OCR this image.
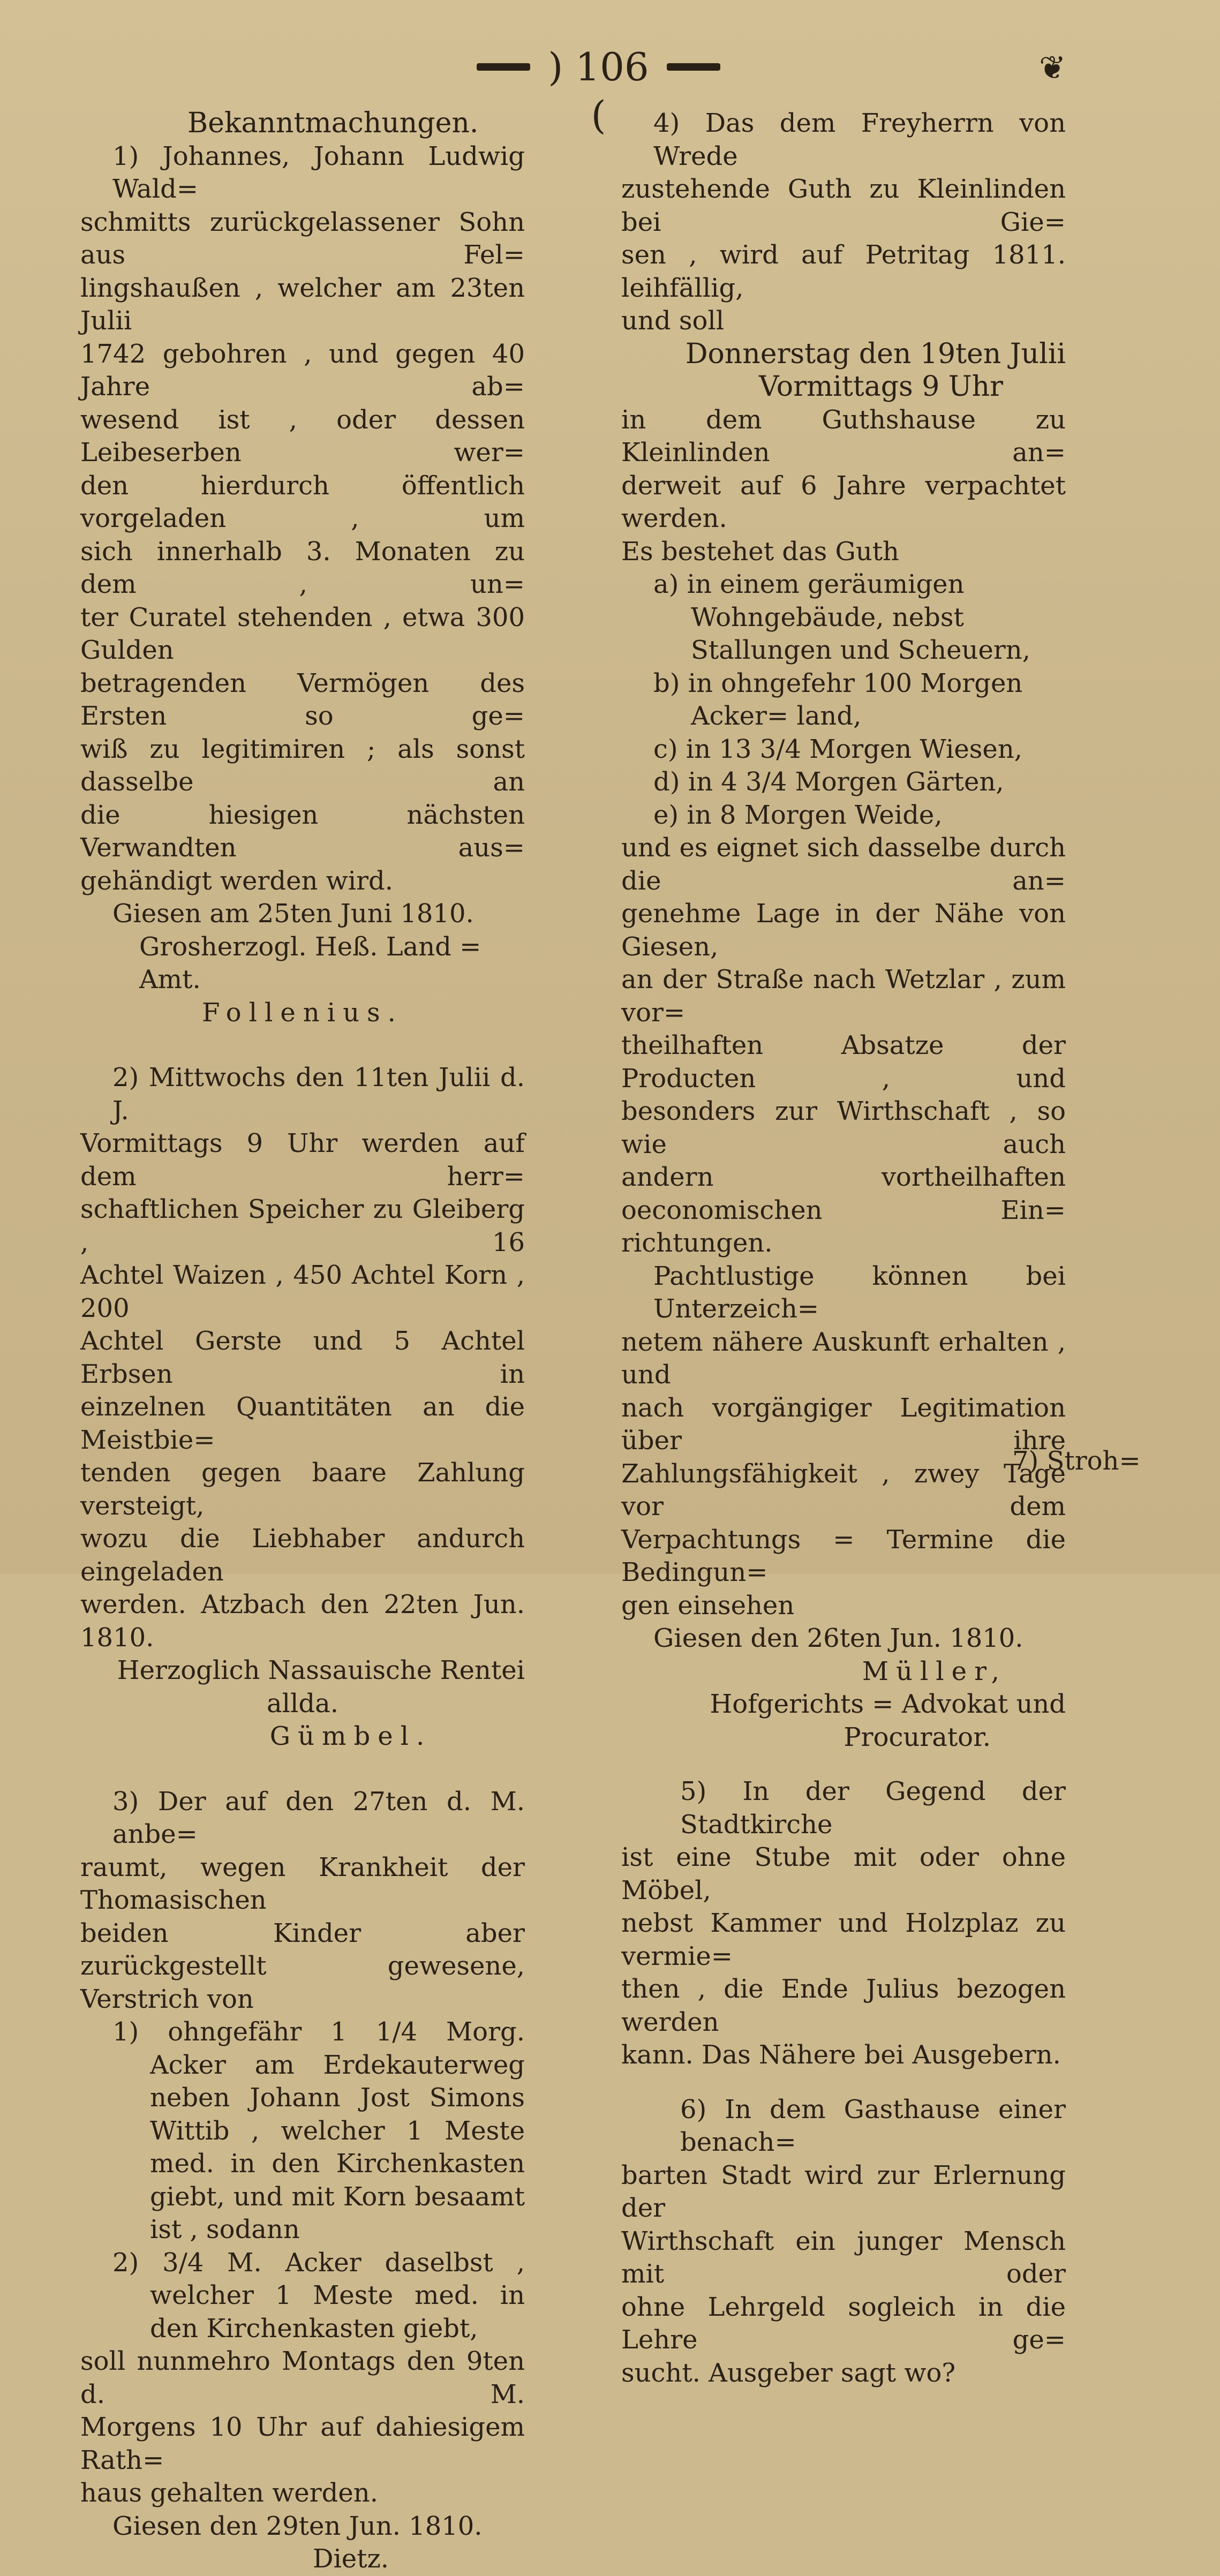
) 106 (
❦

Bekanntmachungen.

1) Johannes, Johann Ludwig Wald=

schmitts zurückgelassener Sohn aus Fel=

lingshaußen , welcher am 23ten Julii

1742 gebohren , und gegen 40 Jahre ab=

wesend ist , oder dessen Leibeserben wer=

den hierdurch öffentlich vorgeladen , um

sich innerhalb 3. Monaten zu dem , un=

ter Curatel stehenden , etwa 300 Gulden

betragenden Vermögen des Ersten so ge=

wiß zu legitimiren ; als sonst dasselbe an

die hiesigen nächsten Verwandten aus=

gehändigt werden wird.

Giesen am 25ten Juni 1810.

Grosherzogl. Heß. Land = Amt.

Follenius.

2) Mittwochs den 11ten Julii d. J.

Vormittags 9 Uhr werden auf dem herr=

schaftlichen Speicher zu Gleiberg , 16

Achtel Waizen , 450 Achtel Korn , 200

Achtel Gerste und 5 Achtel Erbsen in

einzelnen Quantitäten an die Meistbie=

tenden gegen baare Zahlung versteigt,

wozu die Liebhaber andurch eingeladen

werden. Atzbach den 22ten Jun. 1810.

Herzoglich Nassauische Rentei

allda.

Gümbel.

3) Der auf den 27ten d. M. anbe=

raumt, wegen Krankheit der Thomasischen

beiden Kinder aber zurückgestellt gewesene,

Verstrich von

1) ohngefähr 1 1/4 Morg. Acker am Erdekauterweg neben Johann Jost Simons Wittib , welcher 1 Meste med. in den Kirchenkasten giebt, und mit Korn besaamt ist , sodann

2) 3/4 M. Acker daselbst , welcher 1 Meste med. in den Kirchenkasten giebt,

soll nunmehro Montags den 9ten d. M.

Morgens 10 Uhr auf dahiesigem Rath=

haus gehalten werden.

Giesen den 29ten Jun. 1810.

Dietz.

4) Das dem Freyherrn von Wrede

zustehende Guth zu Kleinlinden bei Gie=

sen , wird auf Petritag 1811. leihfällig,

und soll

Donnerstag den 19ten Julii

Vormittags 9 Uhr

in dem Guthshause zu Kleinlinden an=

derweit auf 6 Jahre verpachtet werden.

Es bestehet das Guth

a) in einem geräumigen Wohngebäude, nebst Stallungen und Scheuern,

b) in ohngefehr 100 Morgen Acker= land,

c) in 13 3/4 Morgen Wiesen,

d) in 4 3/4 Morgen Gärten,

e) in 8 Morgen Weide,

und es eignet sich dasselbe durch die an=

genehme Lage in der Nähe von Giesen,

an der Straße nach Wetzlar , zum vor=

theilhaften Absatze der Producten , und

besonders zur Wirthschaft , so wie auch

andern vortheilhaften oeconomischen Ein=

richtungen.

Pachtlustige können bei Unterzeich=

netem nähere Auskunft erhalten , und

nach vorgängiger Legitimation über ihre

Zahlungsfähigkeit , zwey Tage vor dem

Verpachtungs = Termine die Bedingun=

gen einsehen

Giesen den 26ten Jun. 1810.

Müller,

Hofgerichts = Advokat und

Procurator.

5) In der Gegend der Stadtkirche

ist eine Stube mit oder ohne Möbel,

nebst Kammer und Holzplaz zu vermie=

then , die Ende Julius bezogen werden

kann. Das Nähere bei Ausgebern.

6) In dem Gasthause einer benach=

barten Stadt wird zur Erlernung der

Wirthschaft ein junger Mensch mit oder

ohne Lehrgeld sogleich in die Lehre ge=

sucht. Ausgeber sagt wo?

7) Stroh=
